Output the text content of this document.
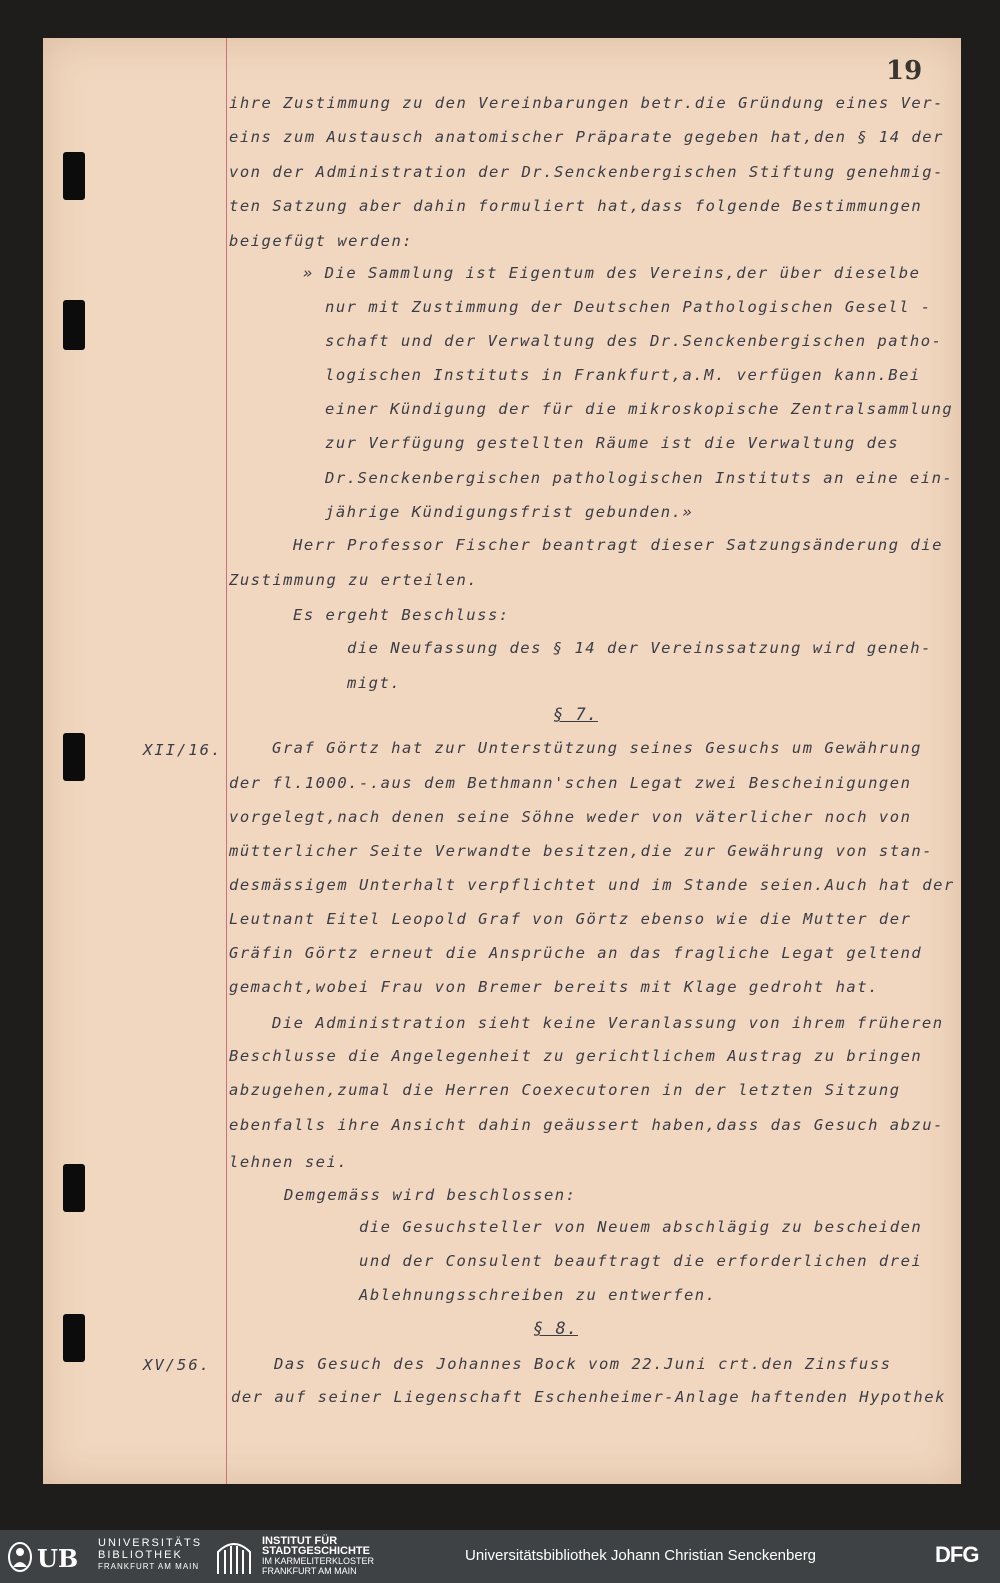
19
ihre Zustimmung zu den Vereinbarungen betr.die Gründung eines Ver-
eins zum Austausch anatomischer Präparate gegeben hat,den § 14 der
von der Administration der Dr.Senckenbergischen Stiftung genehmig-
ten Satzung aber dahin formuliert hat,dass folgende Bestimmungen
beigefügt werden:
» Die Sammlung ist Eigentum des Vereins,der über dieselbe
nur mit Zustimmung der Deutschen Pathologischen Gesell -
schaft und der Verwaltung des Dr.Senckenbergischen patho-
logischen Instituts in Frankfurt,a.M. verfügen kann.Bei
einer Kündigung der für die mikroskopische Zentralsammlung
zur Verfügung gestellten Räume ist die Verwaltung des
Dr.Senckenbergischen pathologischen Instituts an eine ein-
jährige Kündigungsfrist gebunden.»
Herr Professor Fischer beantragt dieser Satzungsänderung die
Zustimmung zu erteilen.
Es ergeht Beschluss:
die Neufassung des § 14 der Vereinssatzung wird geneh-
migt.
§ 7.
XII/16.	Graf Görtz hat zur Unterstützung seines Gesuchs um Gewährung
der fl.1000.-.aus dem Bethmann'schen Legat zwei Bescheinigungen
vorgelegt,nach denen seine Söhne weder von väterlicher noch von
mütterlicher Seite Verwandte besitzen,die zur Gewährung von stan-
desmässigem Unterhalt verpflichtet und im Stande seien.Auch hat der
Leutnant Eitel Leopold Graf von Görtz ebenso wie die Mutter der
Gräfin Görtz erneut die Ansprüche an das fragliche Legat geltend
gemacht,wobei Frau von Bremer bereits mit Klage gedroht hat.
Die Administration sieht keine Veranlassung von ihrem früheren
Beschlusse die Angelegenheit zu gerichtlichem Austrag zu bringen
abzugehen,zumal die Herren Coexecutoren in der letzten Sitzung
ebenfalls ihre Ansicht dahin geäussert haben,dass das Gesuch abzu-
lehnen sei.
Demgemäss wird beschlossen:
die Gesuchsteller von Neuem abschlägig zu bescheiden
und der Consulent beauftragt die erforderlichen drei
Ablehnungsschreiben zu entwerfen.
§ 8.
XV/56.	Das Gesuch des Johannes Bock vom 22.Juni crt.den Zinsfuss
der auf seiner Liegenschaft Eschenheimer-Anlage haftenden Hypothek
UB
UNIVERSITÄTS
BIBLIOTHEK
FRANKFURT AM MAIN
INSTITUT FÜR
STADTGESCHICHTE
IM KARMELITERKLOSTER
FRANKFURT AM MAIN
Universitätsbibliothek Johann Christian Senckenberg	DFG
